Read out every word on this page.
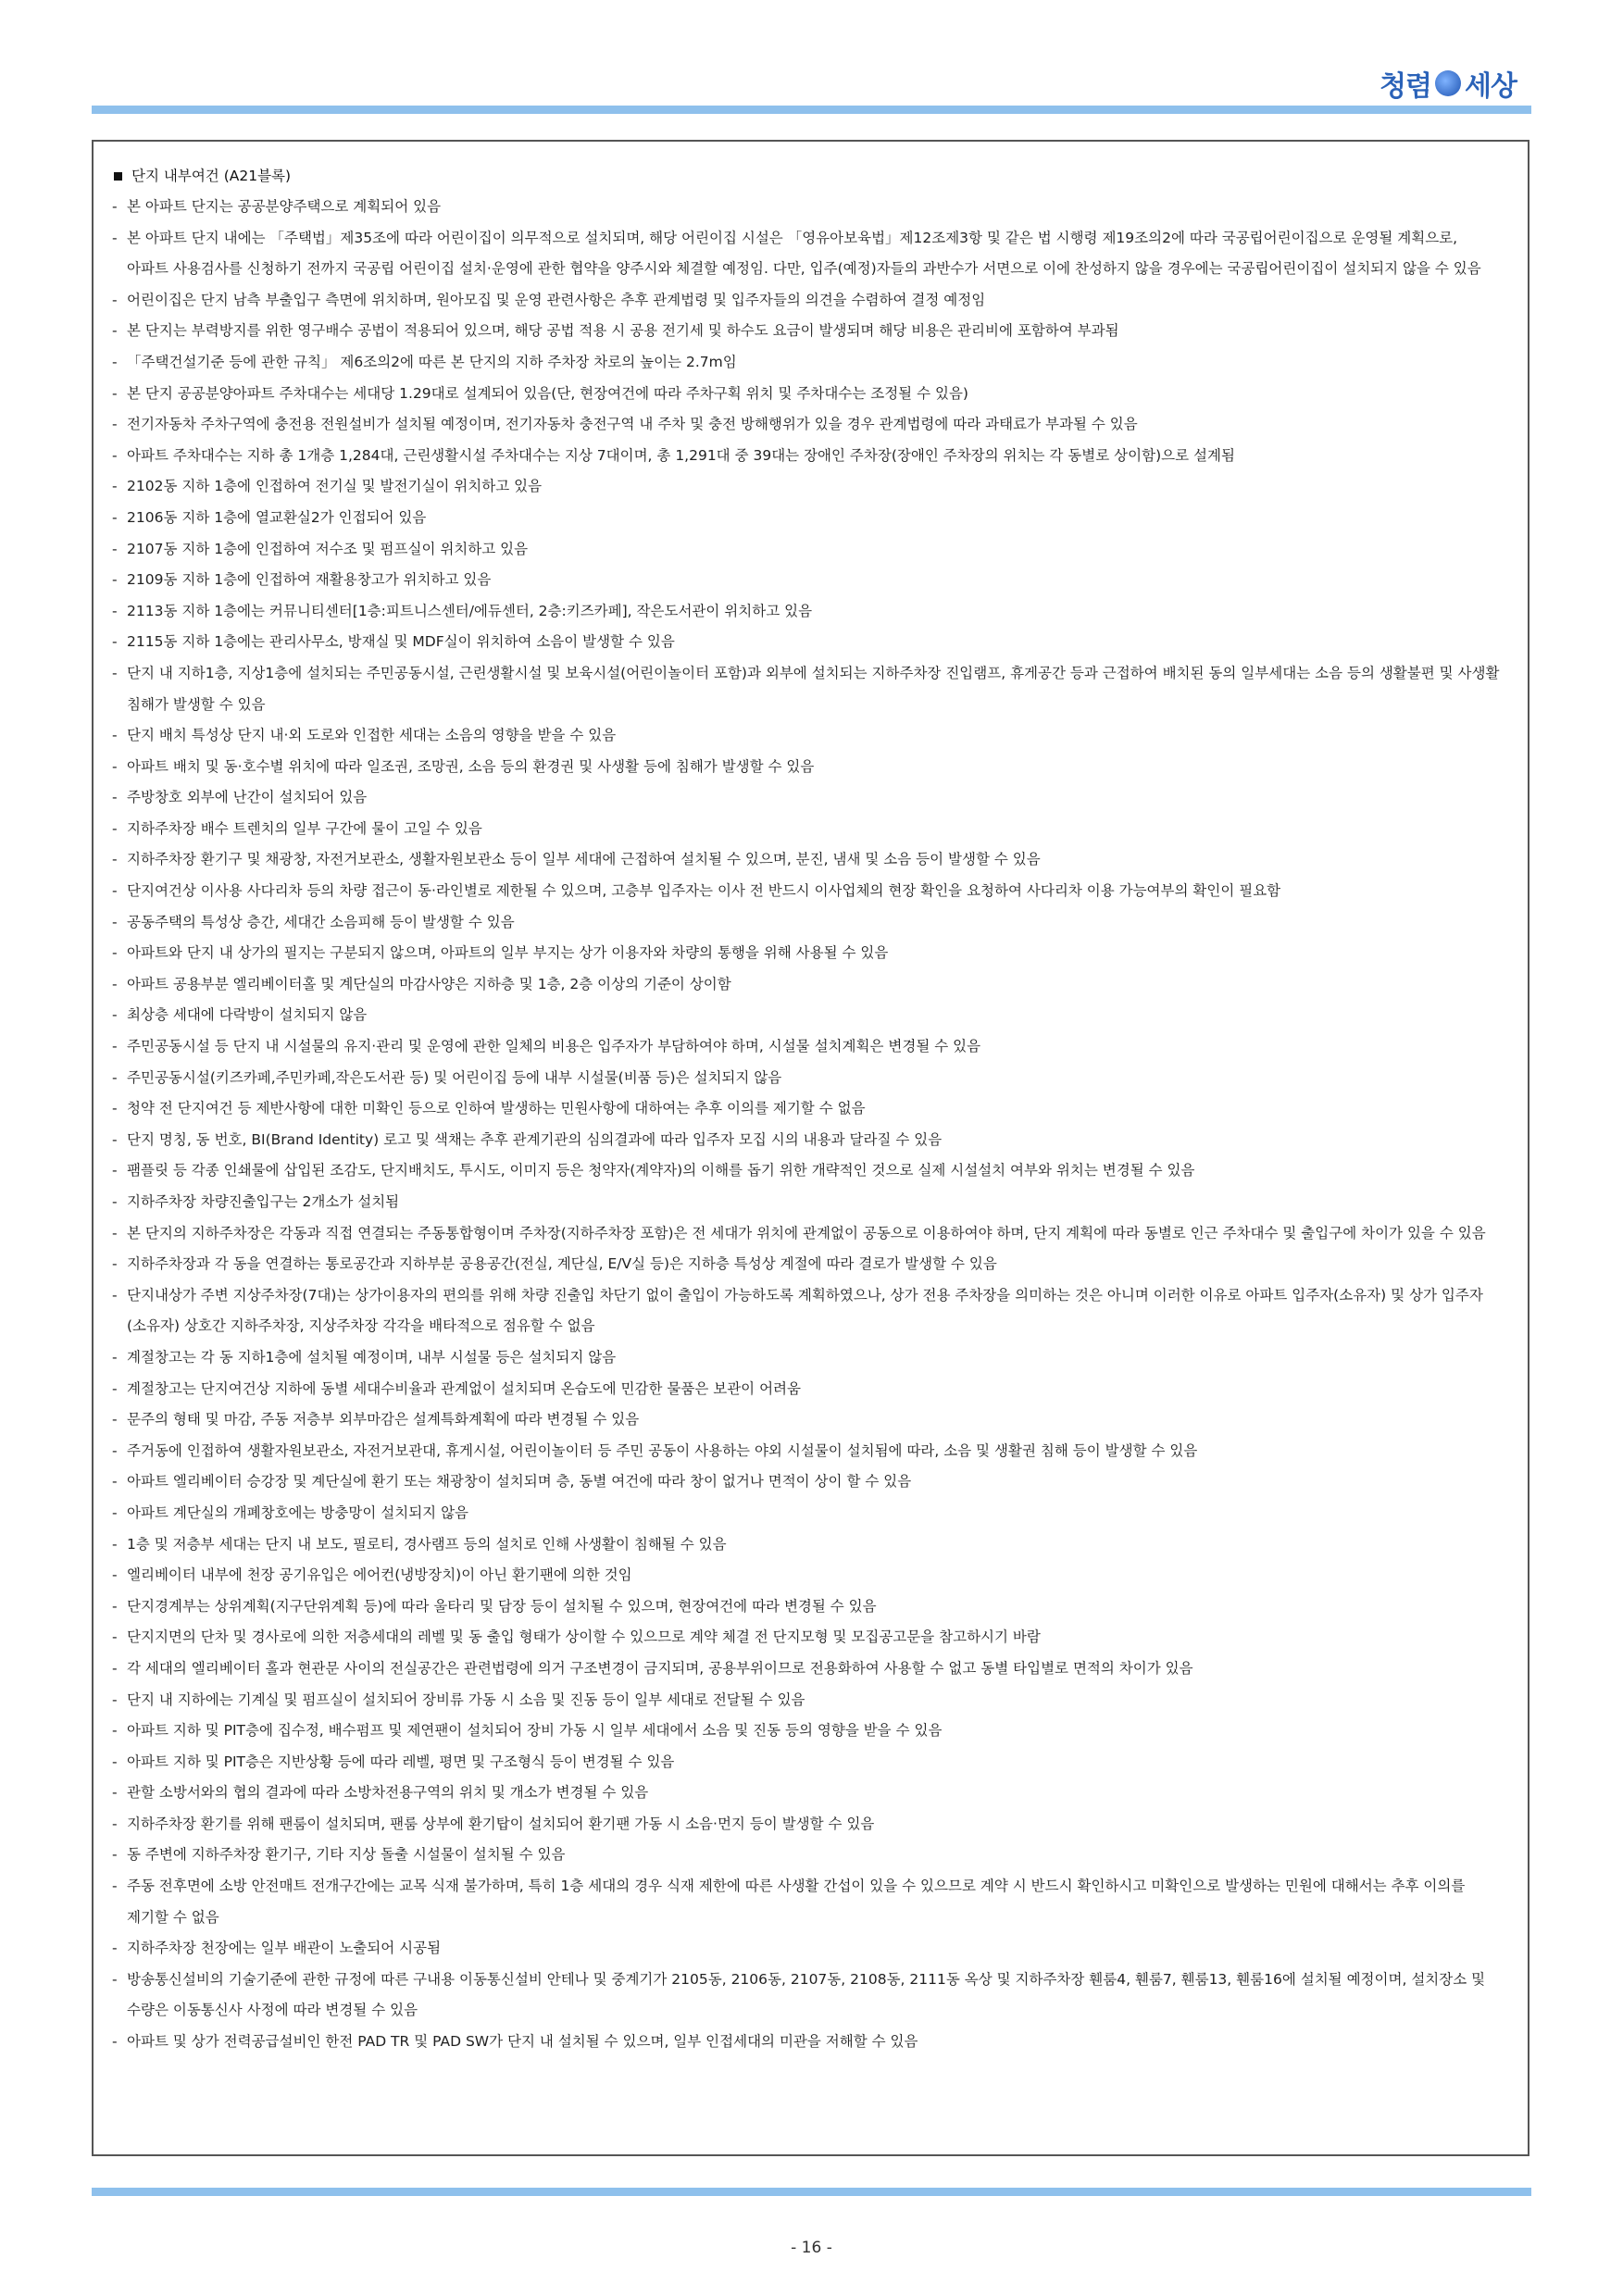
청렴 세상
단지 내부여건 (A21블록)
- 본 아파트 단지는 공공분양주택으로 계획되어 있음
- 본 아파트 단지 내에는 「주택법」제35조에 따라 어린이집이 의무적으로 설치되며, 해당 어린이집 시설은 「영유아보육법」제12조제3항 및 같은 법 시행령 제19조의2에 따라 국공립어린이집으로 운영될 계획으로, 아파트 사용검사를 신청하기 전까지 국공립 어린이집 설치·운영에 관한 협약을 양주시와 체결할 예정임. 다만, 입주(예정)자들의 과반수가 서면으로 이에 찬성하지 않을 경우에는 국공립어린이집이 설치되지 않을 수 있음
- 어린이집은 단지 남측 부출입구 측면에 위치하며, 원아모집 및 운영 관련사항은 추후 관계법령 및 입주자들의 의견을 수렴하여 결정 예정임
- 본 단지는 부력방지를 위한 영구배수 공법이 적용되어 있으며, 해당 공법 적용 시 공용 전기세 및 하수도 요금이 발생되며 해당 비용은 관리비에 포함하여 부과됨
- 「주택건설기준 등에 관한 규칙」 제6조의2에 따른 본 단지의 지하 주차장 차로의 높이는 2.7m임
- 본 단지 공공분양아파트 주차대수는 세대당 1.29대로 설계되어 있음(단, 현장여건에 따라 주차구획 위치 및 주차대수는 조정될 수 있음)
- 전기자동차 주차구역에 충전용 전원설비가 설치될 예정이며, 전기자동차 충전구역 내 주차 및 충전 방해행위가 있을 경우 관계법령에 따라 과태료가 부과될 수 있음
- 아파트 주차대수는 지하 총 1개층 1,284대, 근린생활시설 주차대수는 지상 7대이며, 총 1,291대 중 39대는 장애인 주차장(장애인 주차장의 위치는 각 동별로 상이함)으로 설계됨
- 2102동 지하 1층에 인접하여 전기실 및 발전기실이 위치하고 있음
- 2106동 지하 1층에 열교환실2가 인접되어 있음
- 2107동 지하 1층에 인접하여 저수조 및 펌프실이 위치하고 있음
- 2109동 지하 1층에 인접하여 재활용창고가 위치하고 있음
- 2113동 지하 1층에는 커뮤니티센터[1층:피트니스센터/에듀센터, 2층:키즈카페], 작은도서관이 위치하고 있음
- 2115동 지하 1층에는 관리사무소, 방재실 및 MDF실이 위치하여 소음이 발생할 수 있음
- 단지 내 지하1층, 지상1층에 설치되는 주민공동시설, 근린생활시설 및 보육시설(어린이놀이터 포함)과 외부에 설치되는 지하주차장 진입램프, 휴게공간 등과 근접하여 배치된 동의 일부세대는 소음 등의 생활불편 및 사생활 침해가 발생할 수 있음
- 단지 배치 특성상 단지 내·외 도로와 인접한 세대는 소음의 영향을 받을 수 있음
- 아파트 배치 및 동·호수별 위치에 따라 일조권, 조망권, 소음 등의 환경권 및 사생활 등에 침해가 발생할 수 있음
- 주방창호 외부에 난간이 설치되어 있음
- 지하주차장 배수 트렌치의 일부 구간에 물이 고일 수 있음
- 지하주차장 환기구 및 채광창, 자전거보관소, 생활자원보관소 등이 일부 세대에 근접하여 설치될 수 있으며, 분진, 냄새 및 소음 등이 발생할 수 있음
- 단지여건상 이사용 사다리차 등의 차량 접근이 동·라인별로 제한될 수 있으며, 고층부 입주자는 이사 전 반드시 이사업체의 현장 확인을 요청하여 사다리차 이용 가능여부의 확인이 필요함
- 공동주택의 특성상 층간, 세대간 소음피해 등이 발생할 수 있음
- 아파트와 단지 내 상가의 필지는 구분되지 않으며, 아파트의 일부 부지는 상가 이용자와 차량의 통행을 위해 사용될 수 있음
- 아파트 공용부분 엘리베이터홀 및 계단실의 마감사양은 지하층 및 1층, 2층 이상의 기준이 상이함
- 최상층 세대에 다락방이 설치되지 않음
- 주민공동시설 등 단지 내 시설물의 유지·관리 및 운영에 관한 일체의 비용은 입주자가 부담하여야 하며, 시설물 설치계획은 변경될 수 있음
- 주민공동시설(키즈카페,주민카페,작은도서관 등) 및 어린이집 등에 내부 시설물(비품 등)은 설치되지 않음
- 청약 전 단지여건 등 제반사항에 대한 미확인 등으로 인하여 발생하는 민원사항에 대하여는 추후 이의를 제기할 수 없음
- 단지 명칭, 동 번호, BI(Brand Identity) 로고 및 색채는 추후 관계기관의 심의결과에 따라 입주자 모집 시의 내용과 달라질 수 있음
- 팸플릿 등 각종 인쇄물에 삽입된 조감도, 단지배치도, 투시도, 이미지 등은 청약자(계약자)의 이해를 돕기 위한 개략적인 것으로 실제 시설설치 여부와 위치는 변경될 수 있음
- 지하주차장 차량진출입구는 2개소가 설치됨
- 본 단지의 지하주차장은 각동과 직접 연결되는 주동통합형이며 주차장(지하주차장 포함)은 전 세대가 위치에 관계없이 공동으로 이용하여야 하며, 단지 계획에 따라 동별로 인근 주차대수 및 출입구에 차이가 있을 수 있음
- 지하주차장과 각 동을 연결하는 통로공간과 지하부분 공용공간(전실, 계단실, E/V실 등)은 지하층 특성상 계절에 따라 결로가 발생할 수 있음
- 단지내상가 주변 지상주차장(7대)는 상가이용자의 편의를 위해 차량 진출입 차단기 없이 출입이 가능하도록 계획하였으나, 상가 전용 주차장을 의미하는 것은 아니며 이러한 이유로 아파트 입주자(소유자) 및 상가 입주자(소유자) 상호간 지하주차장, 지상주차장 각각을 배타적으로 점유할 수 없음
- 계절창고는 각 동 지하1층에 설치될 예정이며, 내부 시설물 등은 설치되지 않음
- 계절창고는 단지여건상 지하에 동별 세대수비율과 관계없이 설치되며 온습도에 민감한 물품은 보관이 어려움
- 문주의 형태 및 마감, 주동 저층부 외부마감은 설계특화계획에 따라 변경될 수 있음
- 주거동에 인접하여 생활자원보관소, 자전거보관대, 휴게시설, 어린이놀이터 등 주민 공동이 사용하는 야외 시설물이 설치됨에 따라, 소음 및 생활권 침해 등이 발생할 수 있음
- 아파트 엘리베이터 승강장 및 계단실에 환기 또는 채광창이 설치되며 층, 동별 여건에 따라 창이 없거나 면적이 상이 할 수 있음
- 아파트 계단실의 개폐창호에는 방충망이 설치되지 않음
- 1층 및 저층부 세대는 단지 내 보도, 필로티, 경사램프 등의 설치로 인해 사생활이 침해될 수 있음
- 엘리베이터 내부에 천장 공기유입은 에어컨(냉방장치)이 아닌 환기팬에 의한 것임
- 단지경계부는 상위계획(지구단위계획 등)에 따라 울타리 및 담장 등이 설치될 수 있으며, 현장여건에 따라 변경될 수 있음
- 단지지면의 단차 및 경사로에 의한 저층세대의 레벨 및 동 출입 형태가 상이할 수 있으므로 계약 체결 전 단지모형 및 모집공고문을 참고하시기 바람
- 각 세대의 엘리베이터 홀과 현관문 사이의 전실공간은 관련법령에 의거 구조변경이 금지되며, 공용부위이므로 전용화하여 사용할 수 없고 동별 타입별로 면적의 차이가 있음
- 단지 내 지하에는 기계실 및 펌프실이 설치되어 장비류 가동 시 소음 및 진동 등이 일부 세대로 전달될 수 있음
- 아파트 지하 및 PIT층에 집수정, 배수펌프 및 제연팬이 설치되어 장비 가동 시 일부 세대에서 소음 및 진동 등의 영향을 받을 수 있음
- 아파트 지하 및 PIT층은 지반상황 등에 따라 레벨, 평면 및 구조형식 등이 변경될 수 있음
- 관할 소방서와의 협의 결과에 따라 소방차전용구역의 위치 및 개소가 변경될 수 있음
- 지하주차장 환기를 위해 팬룸이 설치되며, 팬룸 상부에 환기탑이 설치되어 환기팬 가동 시 소음·먼지 등이 발생할 수 있음
- 동 주변에 지하주차장 환기구, 기타 지상 돌출 시설물이 설치될 수 있음
- 주동 전후면에 소방 안전매트 전개구간에는 교목 식재 불가하며, 특히 1층 세대의 경우 식재 제한에 따른 사생활 간섭이 있을 수 있으므로 계약 시 반드시 확인하시고 미확인으로 발생하는 민원에 대해서는 추후 이의를 제기할 수 없음
- 지하주차장 천장에는 일부 배관이 노출되어 시공됨
- 방송통신설비의 기술기준에 관한 규정에 따른 구내용 이동통신설비 안테나 및 중계기가 2105동, 2106동, 2107동, 2108동, 2111동 옥상 및 지하주차장 휀룸4, 휀룸7, 휀룸13, 휀룸16에 설치될 예정이며, 설치장소 및 수량은 이동통신사 사정에 따라 변경될 수 있음
- 아파트 및 상가 전력공급설비인 한전 PAD TR 및 PAD SW가 단지 내 설치될 수 있으며, 일부 인접세대의 미관을 저해할 수 있음
- 16 -
